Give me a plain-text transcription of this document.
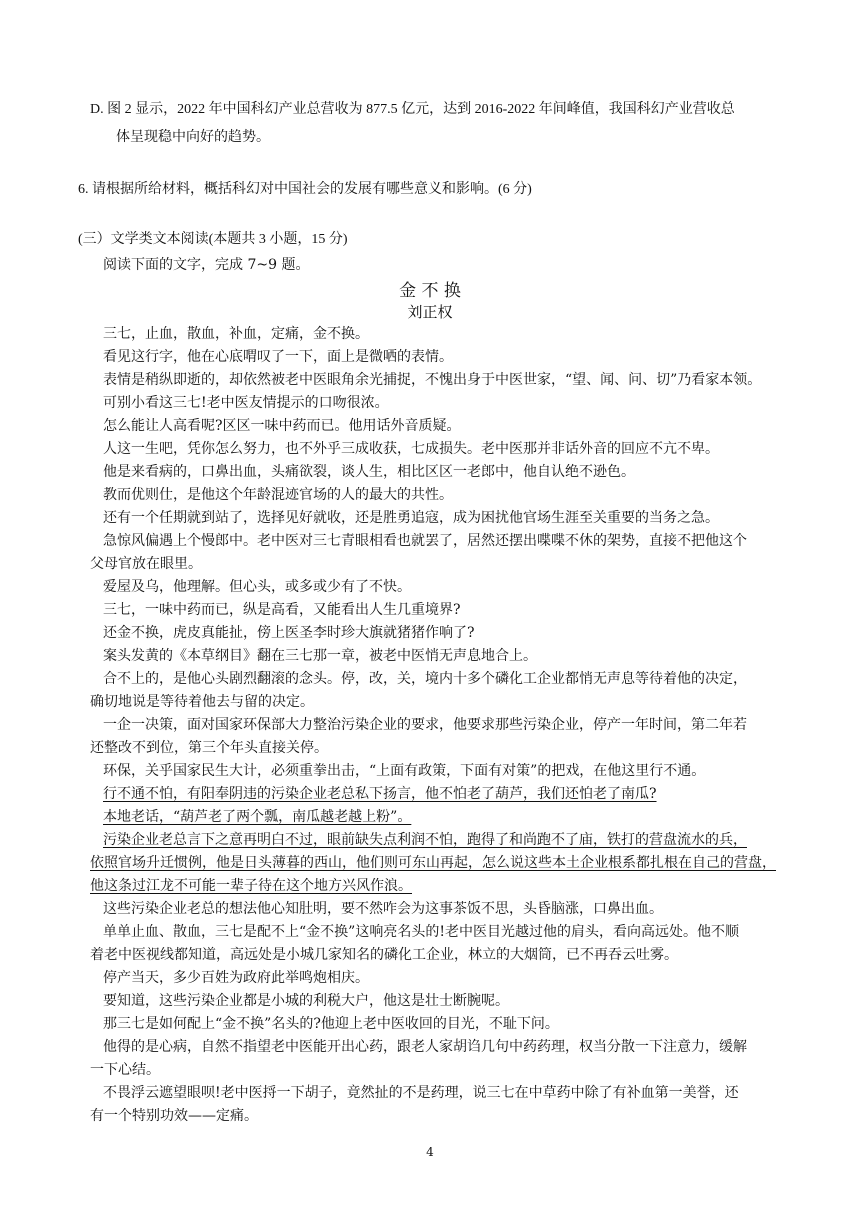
D. 图 2 显示，2022 年中国科幻产业总营收为 877.5 亿元，达到 2016-2022 年间峰值，我国科幻产业营收总
体呈现稳中向好的趋势。
6. 请根据所给材料，概括科幻对中国社会的发展有哪些意义和影响。(6 分)
(三）文学类文本阅读(本题共 3 小题，15 分)
阅读下面的文字，完成 7~9 题。
金 不 换
刘正权
三七，止血，散血，补血，定痛，金不换。
看见这行字，他在心底喟叹了一下，面上是微哂的表情。
表情是稍纵即逝的，却依然被老中医眼角余光捕捉，不愧出身于中医世家，“望、闻、问、切”乃看家本领。
可别小看这三七!老中医友情提示的口吻很浓。
怎么能让人高看呢?区区一味中药而已。他用话外音质疑。
人这一生吧，凭你怎么努力，也不外乎三成收获，七成损失。老中医那并非话外音的回应不亢不卑。
他是来看病的，口鼻出血，头痛欲裂，谈人生，相比区区一老郎中，他自认绝不逊色。
教而优则仕，是他这个年龄混迹官场的人的最大的共性。
还有一个任期就到站了，选择见好就收，还是胜勇追寇，成为困扰他官场生涯至关重要的当务之急。
急惊风偏遇上个慢郎中。老中医对三七青眼相看也就罢了，居然还摆出喋喋不休的架势，直接不把他这个
父母官放在眼里。
爱屋及乌，他理解。但心头，或多或少有了不快。
三七，一味中药而已，纵是高看，又能看出人生几重境界?
还金不换，虎皮真能扯，傍上医圣李时珍大旗就猪猪作响了?
案头发黄的《本草纲目》翻在三七那一章，被老中医悄无声息地合上。
合不上的，是他心头剧烈翻滚的念头。停，改，关，境内十多个磷化工企业都悄无声息等待着他的决定，
确切地说是等待着他去与留的决定。
一企一决策，面对国家环保部大力整治污染企业的要求，他要求那些污染企业，停产一年时间，第二年若
还整改不到位，第三个年头直接关停。
环保，关乎国家民生大计，必须重拳出击，“上面有政策，下面有对策”的把戏，在他这里行不通。
行不通不怕，有阳奉阴违的污染企业老总私下扬言，他不怕老了葫芦，我们还怕老了南瓜?
本地老话，“葫芦老了两个瓢，南瓜越老越上粉”。
污染企业老总言下之意再明白不过，眼前缺失点利润不怕，跑得了和尚跑不了庙，铁打的营盘流水的兵，
依照官场升迁惯例，他是日头薄暮的西山，他们则可东山再起，怎么说这些本土企业根系都扎根在自己的营盘，
他这条过江龙不可能一辈子待在这个地方兴风作浪。
这些污染企业老总的想法他心知肚明，要不然咋会为这事茶饭不思，头昏脑涨，口鼻出血。
单单止血、散血，三七是配不上“金不换”这响亮名头的!老中医目光越过他的肩头，看向高远处。他不顺
着老中医视线都知道，高远处是小城几家知名的磷化工企业，林立的大烟筒，已不再吞云吐雾。
停产当天，多少百姓为政府此举鸣炮相庆。
要知道，这些污染企业都是小城的利税大户，他这是壮士断腕呢。
那三七是如何配上“金不换”名头的?他迎上老中医收回的目光，不耻下问。
他得的是心病，自然不指望老中医能开出心药，跟老人家胡诌几句中药药理，权当分散一下注意力，缓解
一下心结。
不畏浮云遮望眼呗!老中医捋一下胡子，竟然扯的不是药理，说三七在中草药中除了有补血第一美誉，还
有一个特别功效——定痛。
4
